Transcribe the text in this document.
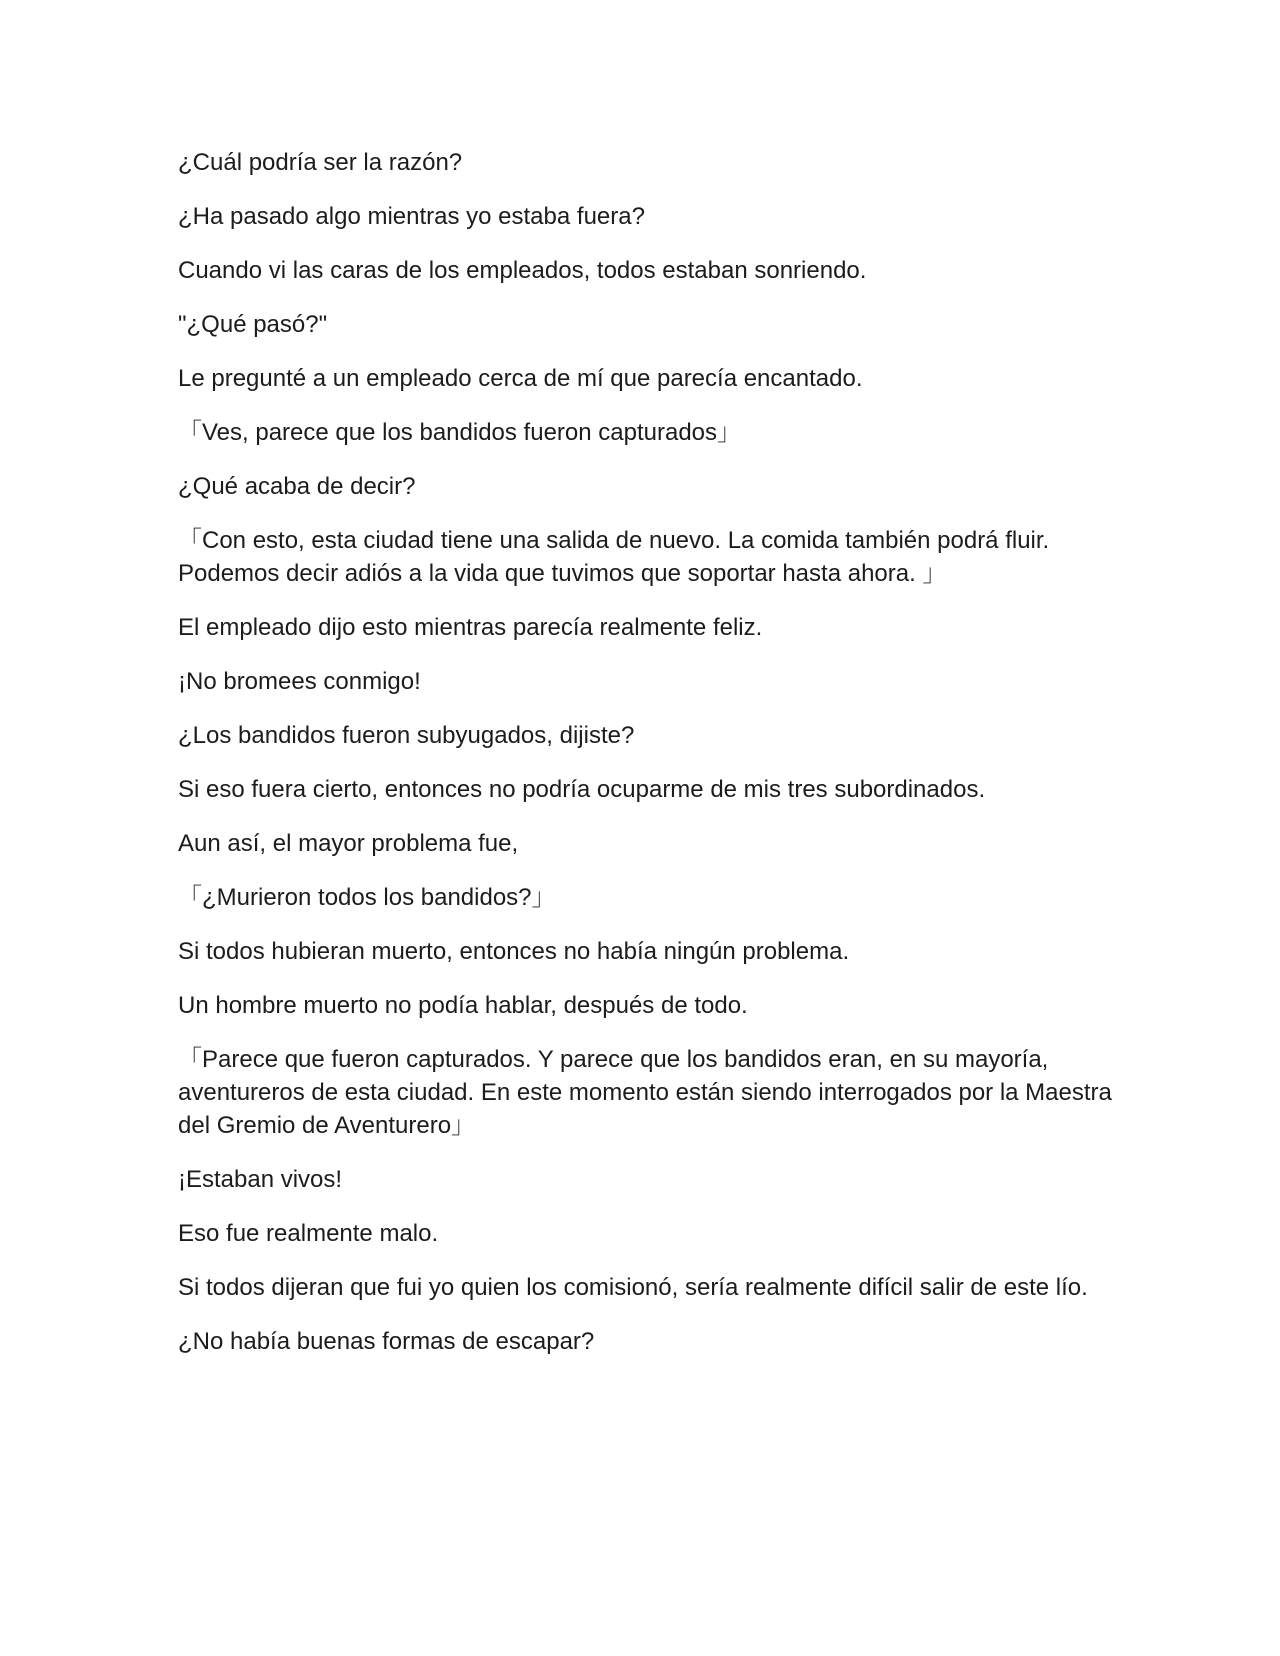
¿Cuál podría ser la razón?

¿Ha pasado algo mientras yo estaba fuera?

Cuando vi las caras de los empleados, todos estaban sonriendo.

"¿Qué pasó?"

Le pregunté a un empleado cerca de mí que parecía encantado.

「Ves, parece que los bandidos fueron capturados」

¿Qué acaba de decir?

「Con esto, esta ciudad tiene una salida de nuevo. La comida también podrá fluir. Podemos decir adiós a la vida que tuvimos que soportar hasta ahora. 」

El empleado dijo esto mientras parecía realmente feliz.

¡No bromees conmigo!

¿Los bandidos fueron subyugados, dijiste?

Si eso fuera cierto, entonces no podría ocuparme de mis tres subordinados.

Aun así, el mayor problema fue,

「¿Murieron todos los bandidos?」

Si todos hubieran muerto, entonces no había ningún problema.

Un hombre muerto no podía hablar, después de todo.

「Parece que fueron capturados. Y parece que los bandidos eran, en su mayoría, aventureros de esta ciudad. En este momento están siendo interrogados por la Maestra del Gremio de Aventurero」

¡Estaban vivos!

Eso fue realmente malo.

Si todos dijeran que fui yo quien los comisionó, sería realmente difícil salir de este lío.

¿No había buenas formas de escapar?
